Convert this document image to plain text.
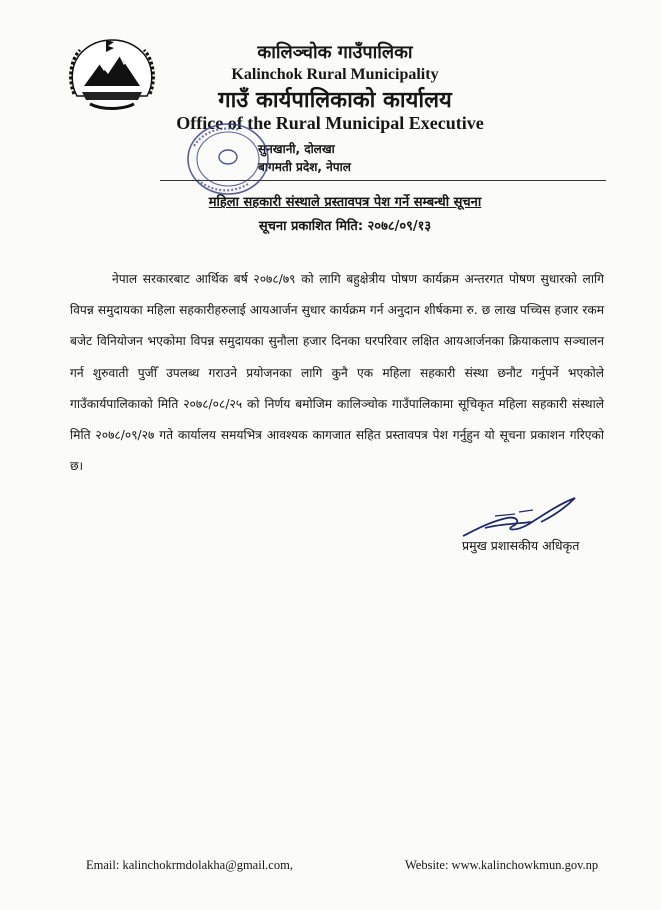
कालिञ्चोक गाउँपालिका
Kalinchok Rural Municipality
गाउँ कार्यपालिकाको कार्यालय
Office of the Rural Municipal Executive
सुनखानी, दोलखा
बागमती प्रदेश, नेपाल
महिला सहकारी संस्थाले प्रस्तावपत्र पेश गर्ने सम्बन्धी सूचना
सूचना प्रकाशित मिति: २०७८/०९/१३
नेपाल सरकारबाट आर्थिक बर्ष २०७८/७९ को लागि बहुक्षेत्रीय पोषण कार्यक्रम अन्तरगत पोषण सुधारको लागि विपन्न समुदायका महिला सहकारीहरुलाई आयआर्जन सुधार कार्यक्रम गर्न अनुदान शीर्षकमा रु. छ लाख पच्चिस हजार रकम बजेट विनियोजन भएकोमा विपन्न समुदायका सुनौला हजार दिनका घरपरिवार लक्षित आयआर्जनका क्रियाकलाप सञ्चालन गर्न शुरुवाती पुजीँ उपलब्ध गराउने प्रयोजनका लागि कुनै एक महिला सहकारी संस्था छनौट गर्नुपर्ने भएकोले गाउँकार्यपालिकाको मिति २०७८/०८/२५ को निर्णय बमोजिम कालिञ्चोक गाउँपालिकामा सूचिकृत महिला सहकारी संस्थाले मिति २०७८/०९/२७ गते कार्यालय समयभित्र आवश्यक कागजात सहित प्रस्तावपत्र पेश गर्नुहुन यो सूचना प्रकाशन गरिएको छ।
प्रमुख प्रशासकीय अधिकृत
Email: kalinchokrmdolakha@gmail.com,	Website: www.kalinchowkmun.gov.np
